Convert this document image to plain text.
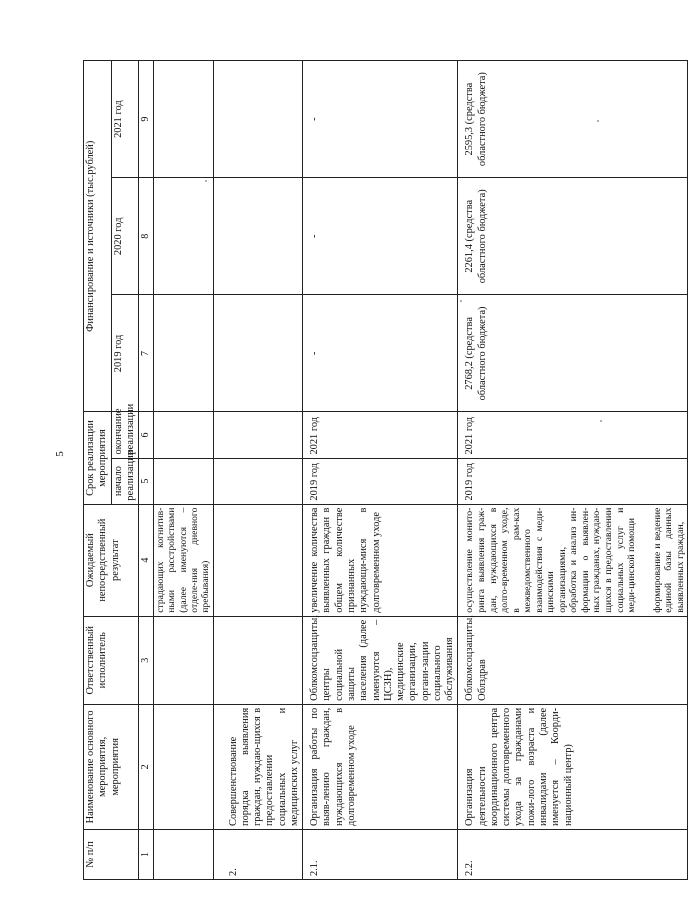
5
№ п/п	Наименование основного мероприятия, мероприятия	Ответственный исполнитель	Ожидаемый непосредственный результат	Срок реализации мероприятия		Финансирование и источники (тыс.рублей)		
				начало реализации	окончание реализации	2019 год	2020 год	2021 год
1	2	3	4	5	6	7	8	9
			страдающих когнитив-ными расстройствами (далее именуются – отделе-ния дневного пребывания)					
2.	Совершенствование порядка выявления граждан, нуждаю-щихся в предоставлении социальных и медицинских услуг							
2.1.	Организация работы по выяв-лению граждан, нуждающихся в долговременном уходе	Облкомсоцзащиты, центры социальной защиты населения (далее именуются – ЦСЗН), медицинские организации, органи-зации социального обслуживания	увеличение количества выявленных граждан в общем количестве признанных нуждающи-мися в долговременном уходе	2019 год	2021 год	-	-	-
2.2.	Организация деятельности координационного центра системы долговременного ухода за гражданами пожи-лого возраста и инвалидами (далее именуется – Коорди-национный центр)	Облкомсоцзащиты, Облздрав	осуществление монито-ринга выявления граж-дан, нуждающихся в долго-временном уходе, в рам-ках межведомственного взаимодействия с меди-цинскими организациями, обработка и анализ ин-формации о выявлен-ных гражданах, нуждаю-щихся в предоставлении социальных услуг и меди-цинской помощи формирование и ведение единой базы данных выявленных граждан,	2019 год	2021 год	2768,2 (средства областного бюджета)	2261,4 (средства областного бюджета)	2595,3 (средства областного бюджета)
